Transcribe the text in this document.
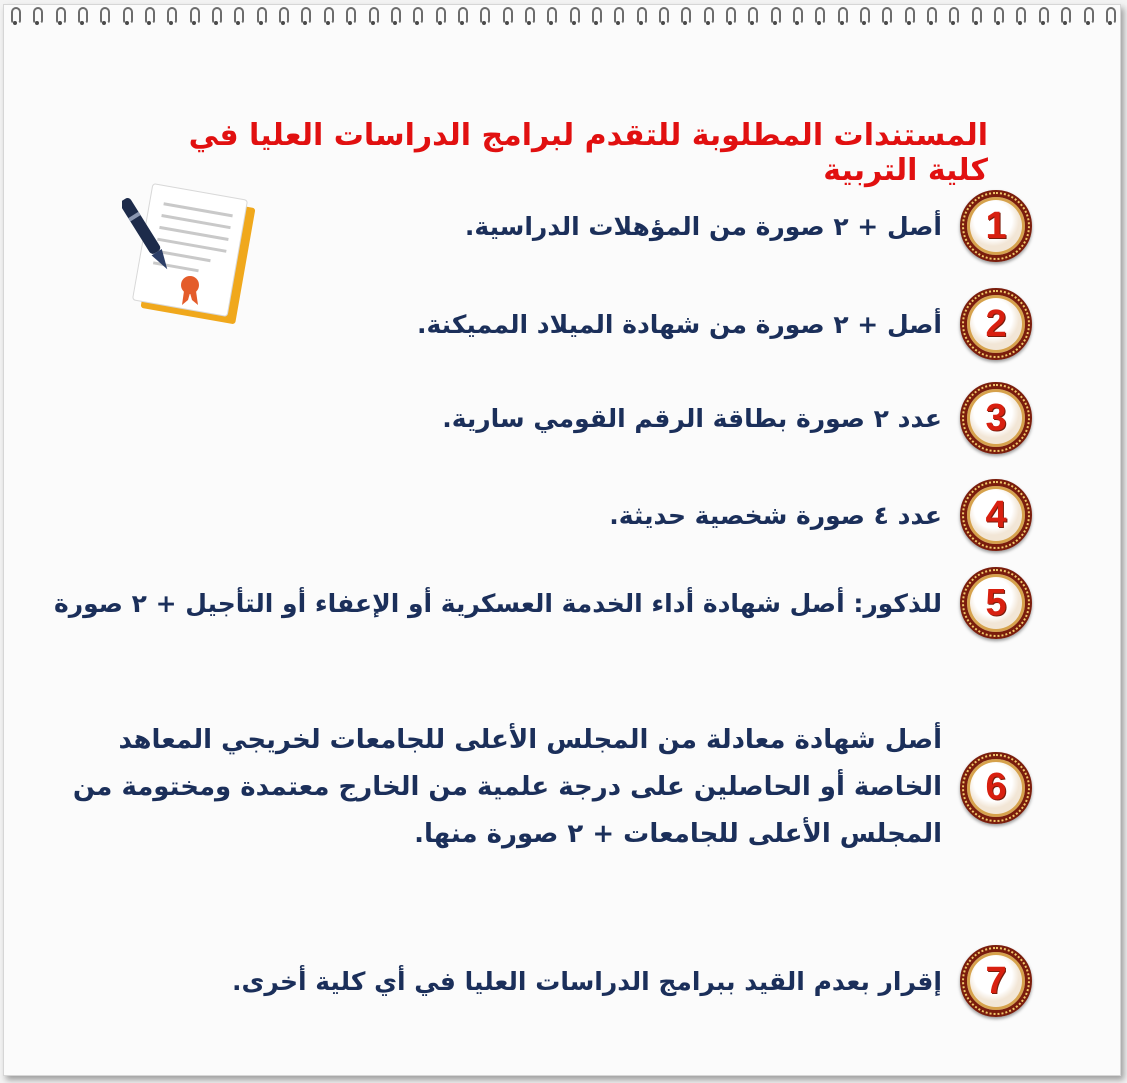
المستندات المطلوبة للتقدم لبرامج الدراسات العليا في كلية التربية
1
أصل + ٢ صورة من المؤهلات الدراسية.
2
أصل + ٢ صورة من شهادة الميلاد المميكنة.
3
عدد ٢ صورة بطاقة الرقم القومي سارية.
4
عدد ٤ صورة شخصية حديثة.
5
للذكور: أصل شهادة أداء الخدمة العسكرية أو الإعفاء أو التأجيل + ٢ صورة
6
أصل شهادة معادلة من المجلس الأعلى للجامعات لخريجي المعاهد الخاصة أو الحاصلين على درجة علمية من الخارج معتمدة ومختومة من المجلس الأعلى للجامعات + ٢ صورة منها.
7
إقرار بعدم القيد ببرامج الدراسات العليا في أي كلية أخرى.
